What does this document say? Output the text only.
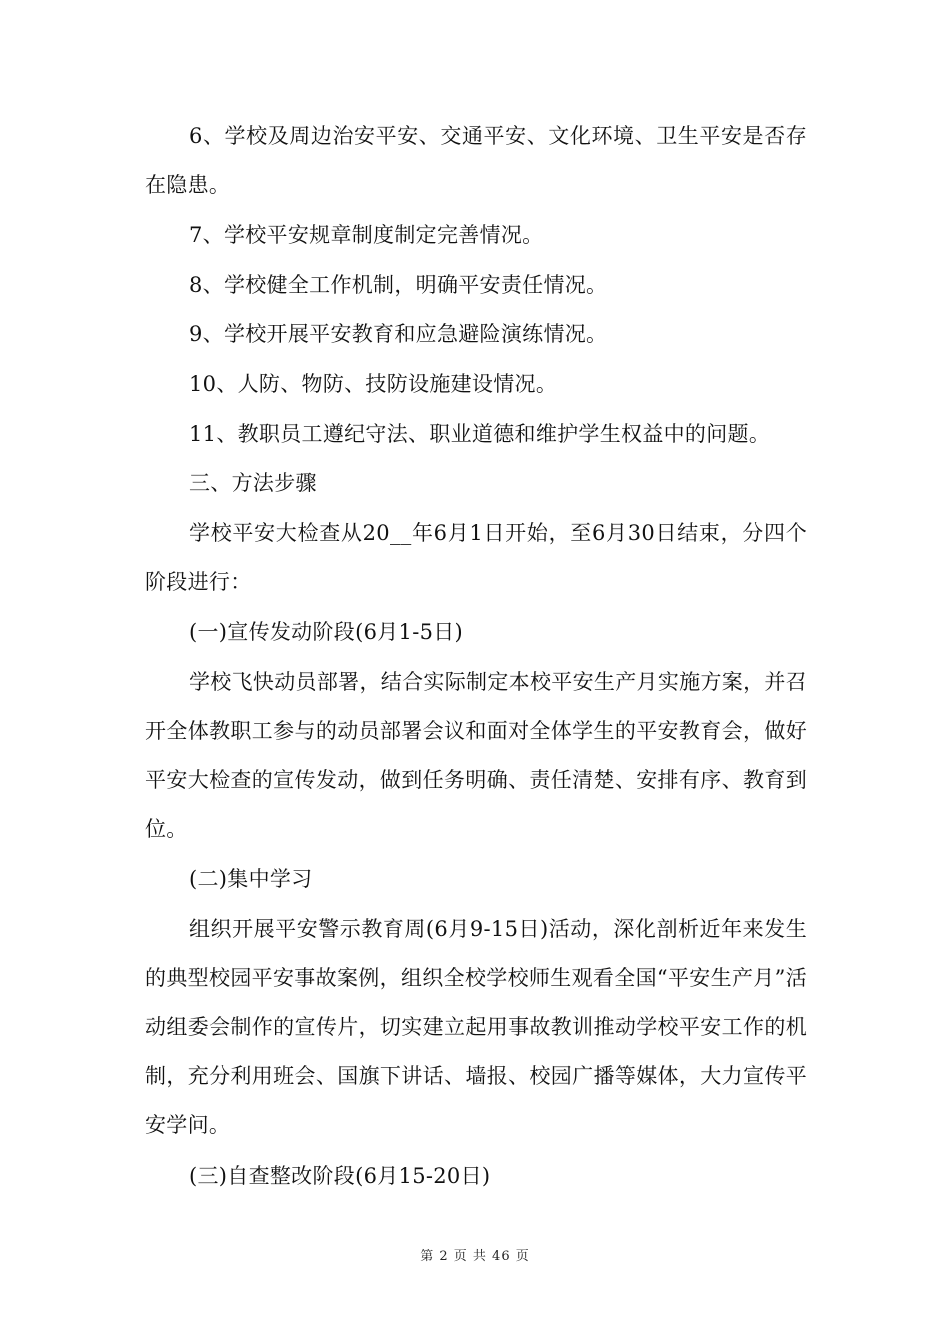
6、学校及周边治安平安、交通平安、文化环境、卫生平安是否存在隐患。

7、学校平安规章制度制定完善情况。

8、学校健全工作机制，明确平安责任情况。

9、学校开展平安教育和应急避险演练情况。

10、人防、物防、技防设施建设情况。

11、教职员工遵纪守法、职业道德和维护学生权益中的问题。

三、方法步骤

学校平安大检查从20__年6月1日开始，至6月30日结束，分四个阶段进行：

(一)宣传发动阶段(6月1-5日)

学校飞快动员部署，结合实际制定本校平安生产月实施方案，并召开全体教职工参与的动员部署会议和面对全体学生的平安教育会，做好平安大检查的宣传发动，做到任务明确、责任清楚、安排有序、教育到位。

(二)集中学习

组织开展平安警示教育周(6月9-15日)活动，深化剖析近年来发生的典型校园平安事故案例，组织全校学校师生观看全国“平安生产月”活动组委会制作的宣传片，切实建立起用事故教训推动学校平安工作的机制，充分利用班会、国旗下讲话、墙报、校园广播等媒体，大力宣传平安学问。

(三)自查整改阶段(6月15-20日)

第 2 页 共 46 页
